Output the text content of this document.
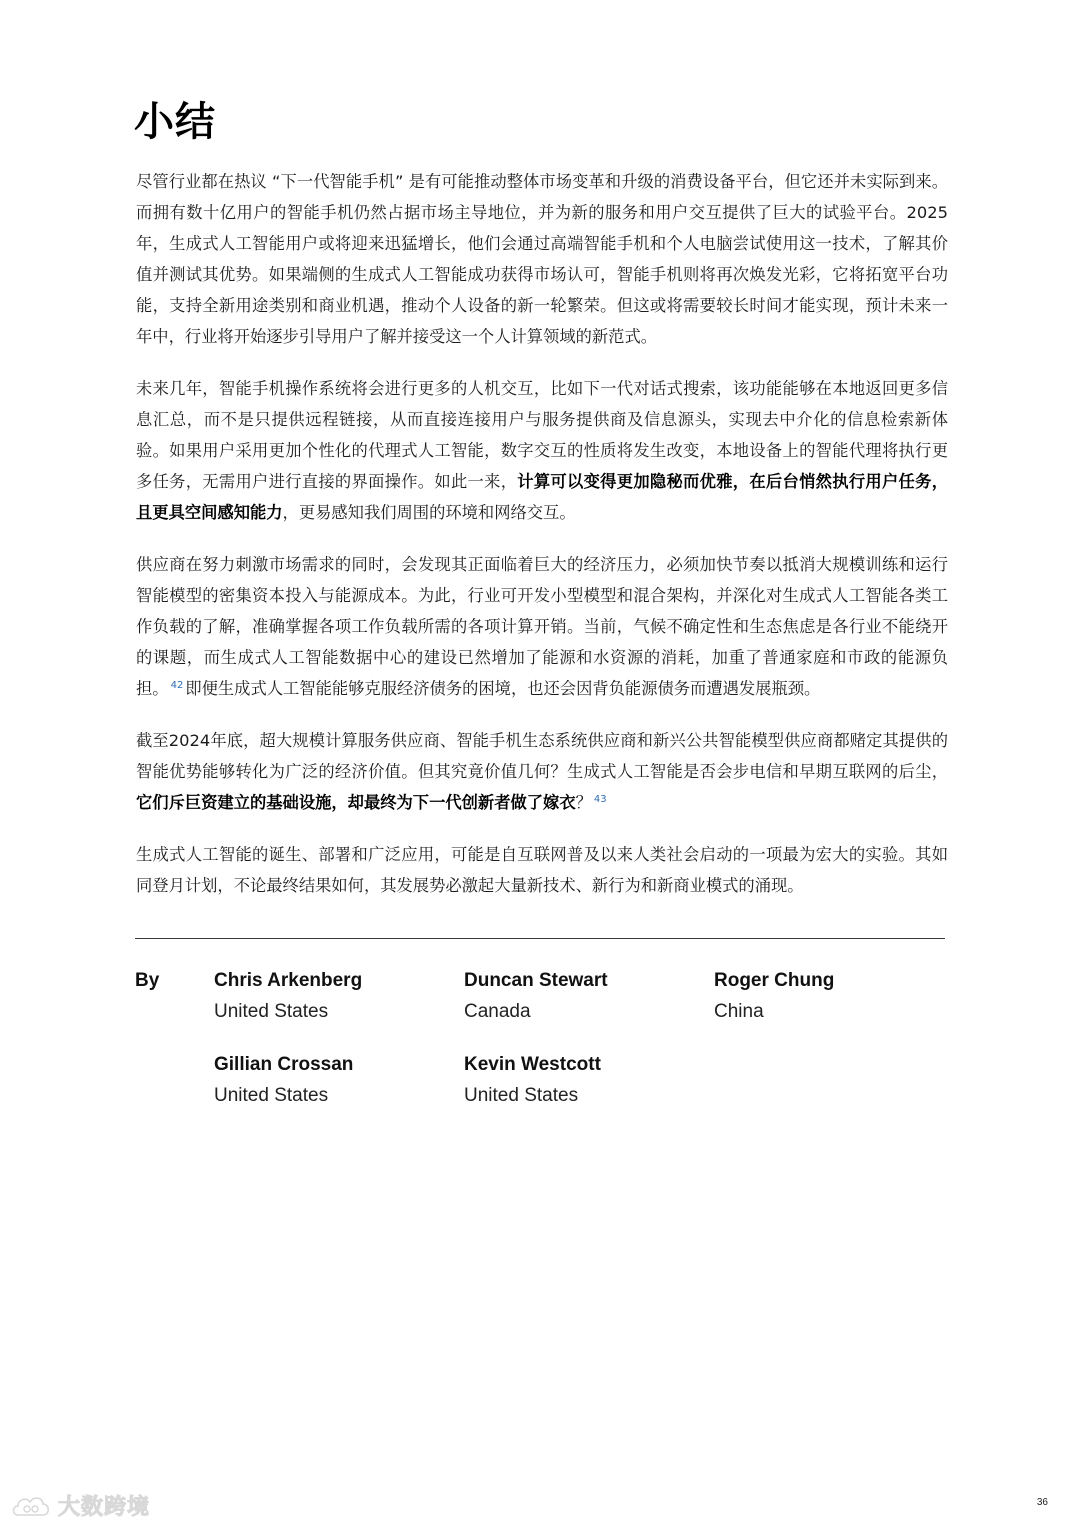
小结

尽管行业都在热议 “下一代智能手机” 是有可能推动整体市场变革和升级的消费设备平台，但它还并未实际到来。而拥有数十亿用户的智能手机仍然占据市场主导地位，并为新的服务和用户交互提供了巨大的试验平台。2025年，生成式人工智能用户或将迎来迅猛增长，他们会通过高端智能手机和个人电脑尝试使用这一技术，了解其价值并测试其优势。如果端侧的生成式人工智能成功获得市场认可，智能手机则将再次焕发光彩，它将拓宽平台功能，支持全新用途类别和商业机遇，推动个人设备的新一轮繁荣。但这或将需要较长时间才能实现，预计未来一年中，行业将开始逐步引导用户了解并接受这一个人计算领域的新范式。

未来几年，智能手机操作系统将会进行更多的人机交互，比如下一代对话式搜索，该功能能够在本地返回更多信息汇总，而不是只提供远程链接，从而直接连接用户与服务提供商及信息源头，实现去中介化的信息检索新体验。如果用户采用更加个性化的代理式人工智能，数字交互的性质将发生改变，本地设备上的智能代理将执行更多任务，无需用户进行直接的界面操作。如此一来，计算可以变得更加隐秘而优雅，在后台悄然执行用户任务，且更具空间感知能力，更易感知我们周围的环境和网络交互。

供应商在努力刺激市场需求的同时，会发现其正面临着巨大的经济压力，必须加快节奏以抵消大规模训练和运行智能模型的密集资本投入与能源成本。为此，行业可开发小型模型和混合架构，并深化对生成式人工智能各类工作负载的了解，准确掌握各项工作负载所需的各项计算开销。当前，气候不确定性和生态焦虑是各行业不能绕开的课题，而生成式人工智能数据中心的建设已然增加了能源和水资源的消耗，加重了普通家庭和市政的能源负担。 $^{42}$ 即便生成式人工智能能够克服经济债务的困境，也还会因背负能源债务而遭遇发展瓶颈。

截至2024年底，超大规模计算服务供应商、智能手机生态系统供应商和新兴公共智能模型供应商都赌定其提供的智能优势能够转化为广泛的经济价值。但其究竟价值几何？生成式人工智能是否会步电信和早期互联网的后尘，它们斥巨资建立的基础设施，却最终为下一代创新者做了嫁衣？ $^{43}$

生成式人工智能的诞生、部署和广泛应用，可能是自互联网普及以来人类社会启动的一项最为宏大的实验。其如同登月计划，不论最终结果如何，其发展势必激起大量新技术、新行为和新商业模式的涌现。

By	Chris Arkenberg
United States
Duncan Stewart
Canada
Roger Chung
China
Gillian Crossan
United States
Kevin Westcott
United States
大数跨境	36
